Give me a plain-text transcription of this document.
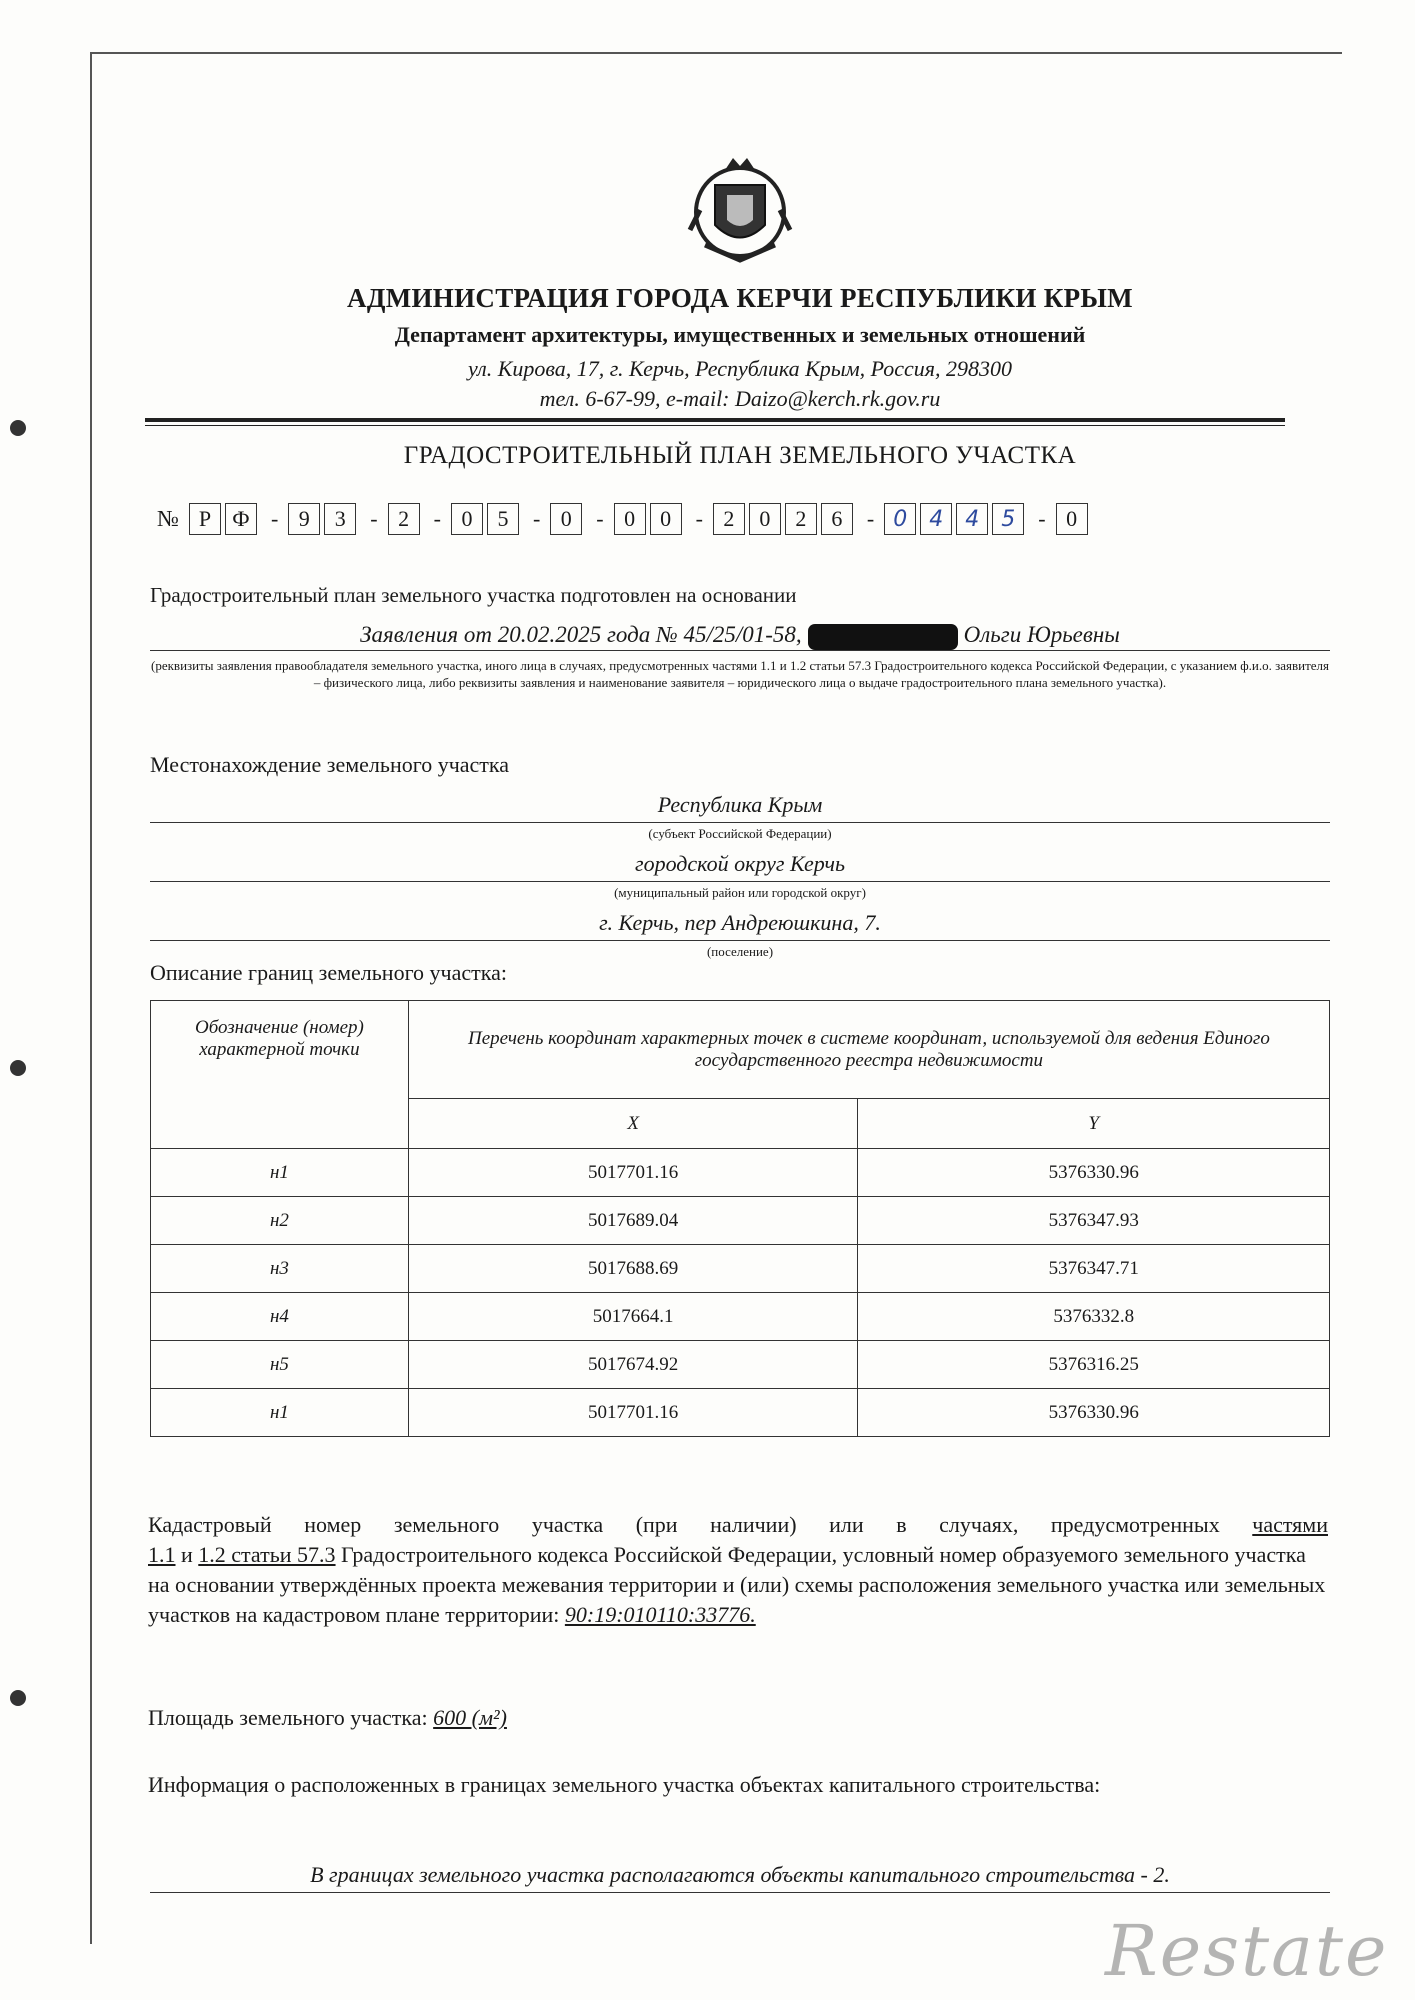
АДМИНИСТРАЦИЯ ГОРОДА КЕРЧИ РЕСПУБЛИКИ КРЫМ
Департамент архитектуры, имущественных и земельных отношений
ул. Кирова, 17, г. Керчь, Республика Крым, Россия, 298300
тел. 6-67-99, e-mail: Daizo@kerch.rk.gov.ru
ГРАДОСТРОИТЕЛЬНЫЙ ПЛАН ЗЕМЕЛЬНОГО УЧАСТКА
№ Р Ф - 9	3	- 2	- 0	5	- 0	- 0	0	- 2	0	2	6	- 0	4	4	5	- 0
Градостроительный план земельного участка подготовлен на основании
Заявления от 20.02.2025 года № 45/25/01-58,	Ольги Юрьевны
(реквизиты заявления правообладателя земельного участка, иного лица в случаях, предусмотренных частями 1.1 и 1.2 статьи 57.3 Градостроительного кодекса Российской Федерации, с указанием ф.и.о. заявителя – физического лица, либо реквизиты заявления и наименование заявителя – юридического лица о выдаче градостроительного плана земельного участка).
Местонахождение земельного участка
Республика Крым
(субъект Российской Федерации)
городской округ Керчь
(муниципальный район или городской округ)
г. Керчь, пер Андреюшкина, 7.
(поселение)
Описание границ земельного участка:
Обозначение (номер) характерной точки	Перечень координат характерных точек в системе координат, используемой для ведения Единого государственного реестра недвижимости	
	X	Y
н1	5017701.16	5376330.96
н2	5017689.04	5376347.93
н3	5017688.69	5376347.71
н4	5017664.1	5376332.8
н5	5017674.92	5376316.25
н1	5017701.16	5376330.96
Кадастровый номер земельного участка (при наличии) или в случаях, предусмотренных частями
1.1 и 1.2 статьи 57.3 Градостроительного кодекса Российской Федерации, условный номер образуемого земельного участка на основании утверждённых проекта межевания территории и (или) схемы расположения земельного участка или земельных участков на кадастровом плане территории: 90:19:010110:33776.
Площадь земельного участка: 600 (м²)
Информация о расположенных в границах земельного участка объектах капитального строительства:
В границах земельного участка располагаются объекты капитального строительства - 2.
Restate
